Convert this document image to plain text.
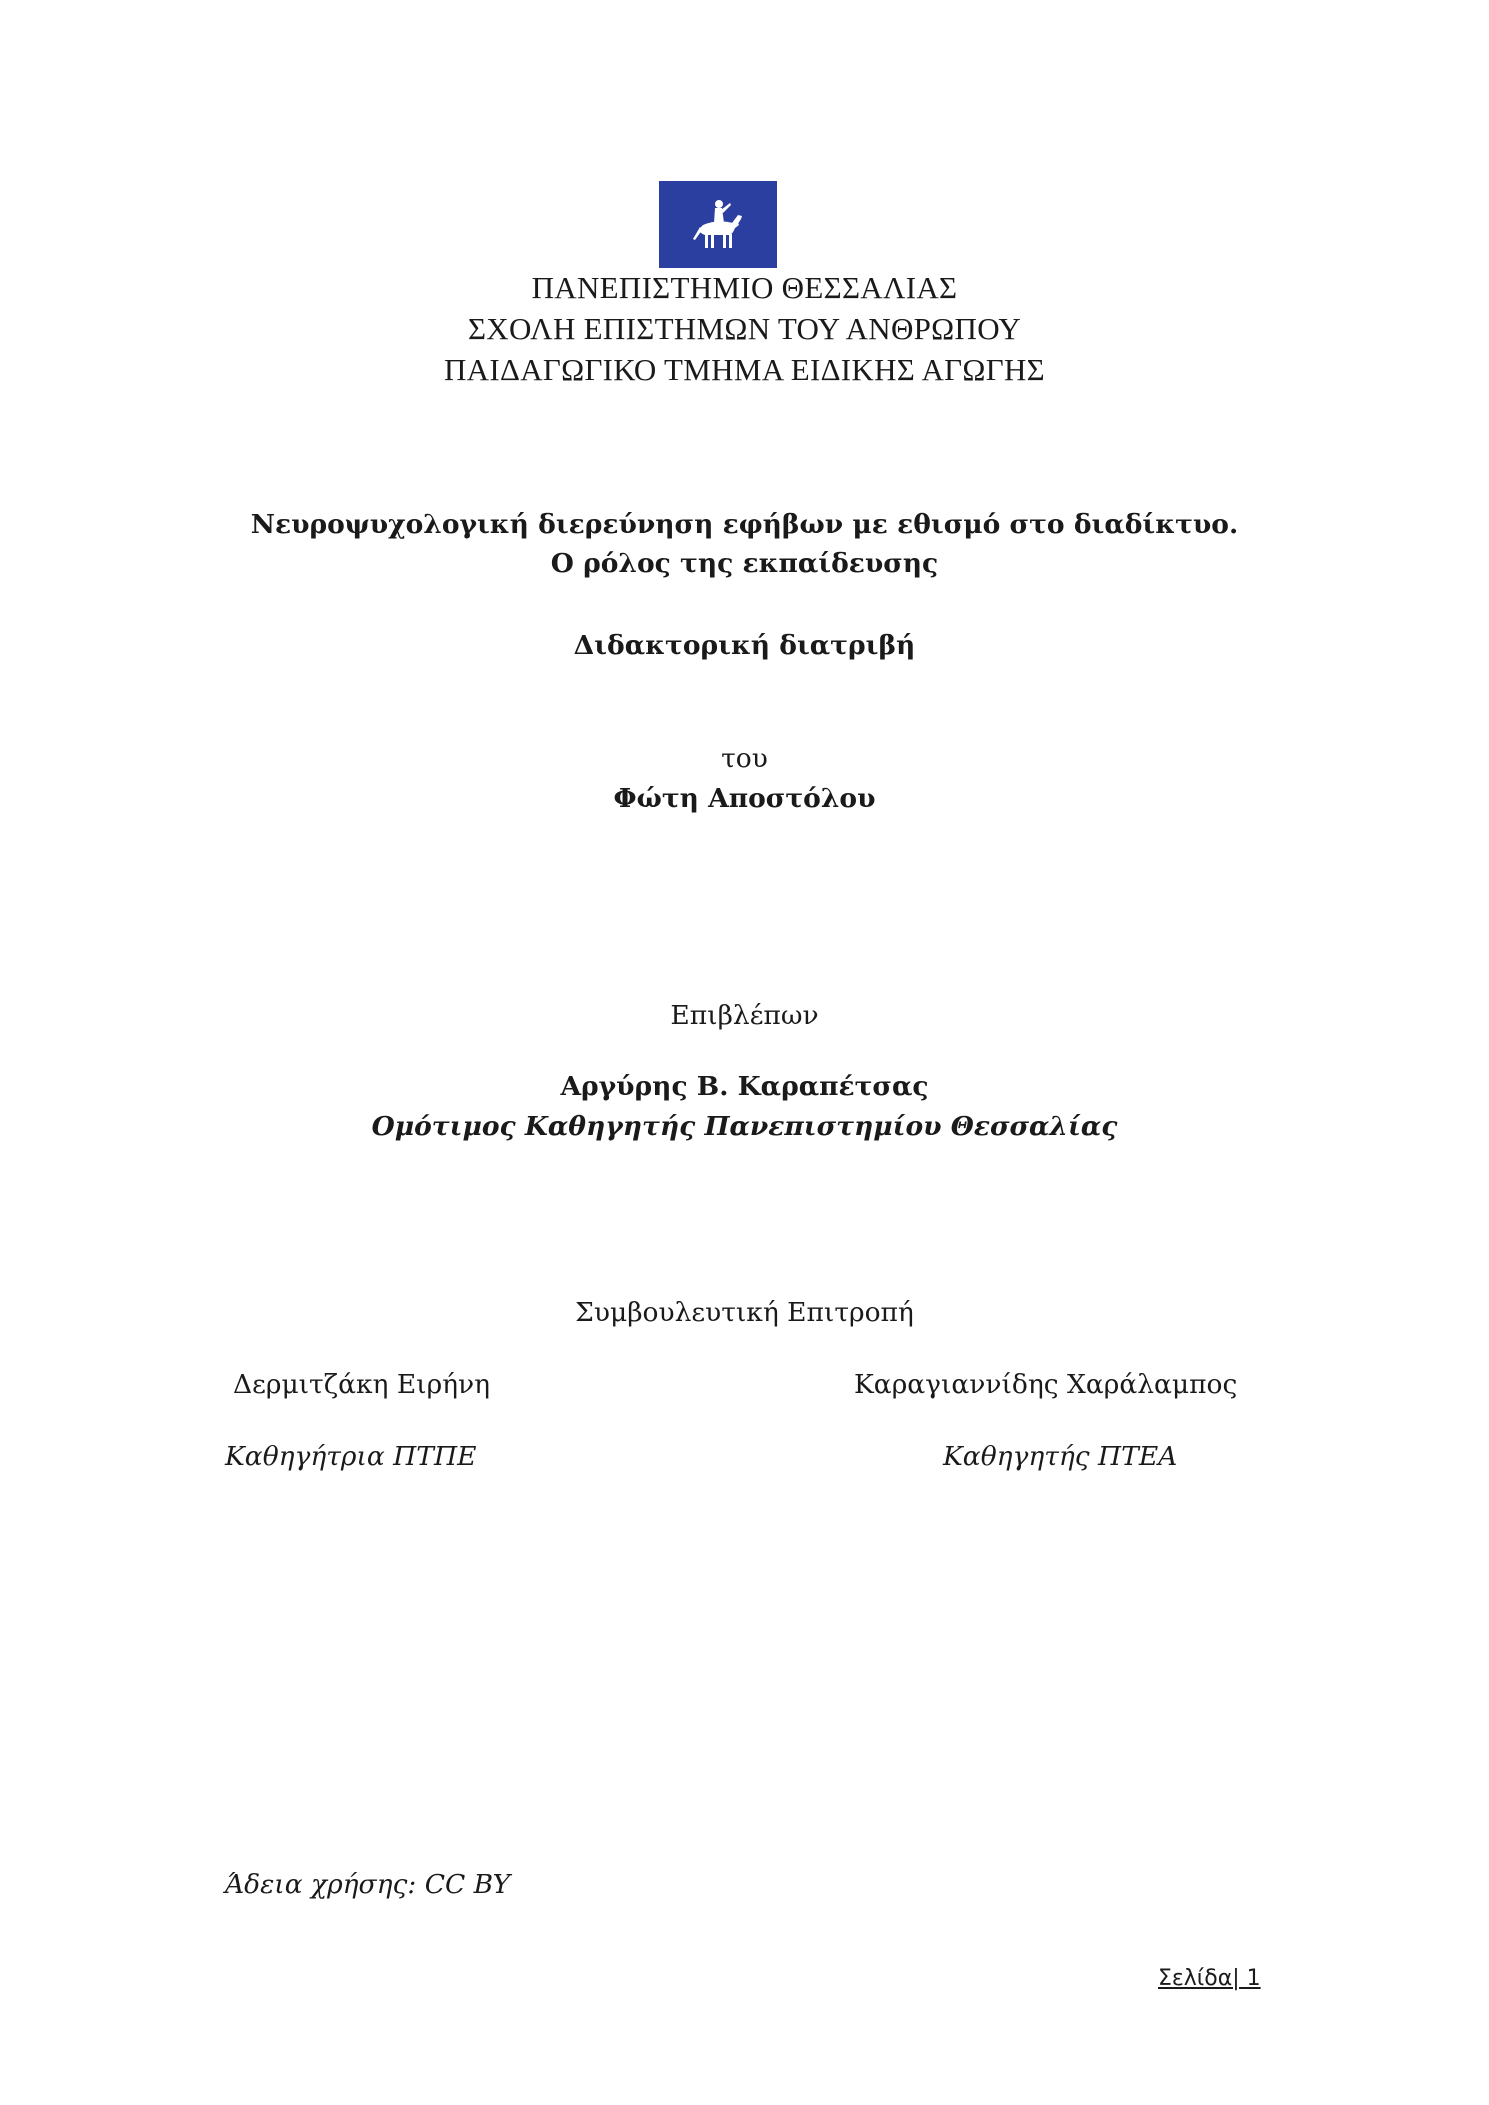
ΠΑΝΕΠΙΣΤΗΜΙΟ ΘΕΣΣΑΛΙΑΣ
ΣΧΟΛΗ ΕΠΙΣΤΗΜΩΝ ΤΟΥ ΑΝΘΡΩΠΟΥ
ΠΑΙΔΑΓΩΓΙΚΟ ΤΜΗΜΑ ΕΙΔΙΚΗΣ ΑΓΩΓΗΣ
Νευροψυχολογική διερεύνηση εφήβων με εθισμό στο διαδίκτυο.
Ο ρόλος της εκπαίδευσης
Διδακτορική διατριβή
του
Φώτη Αποστόλου
Επιβλέπων
Αργύρης Β. Καραπέτσας
Ομότιμος Καθηγητής Πανεπιστημίου Θεσσαλίας
Συμβουλευτική Επιτροπή
Δερμιτζάκη Ειρήνη	Καραγιαννίδης Χαράλαμπος
Καθηγήτρια ΠΤΠΕ	Καθηγητής ΠΤΕΑ
Άδεια χρήσης: CC BY
Σελίδα| 1
